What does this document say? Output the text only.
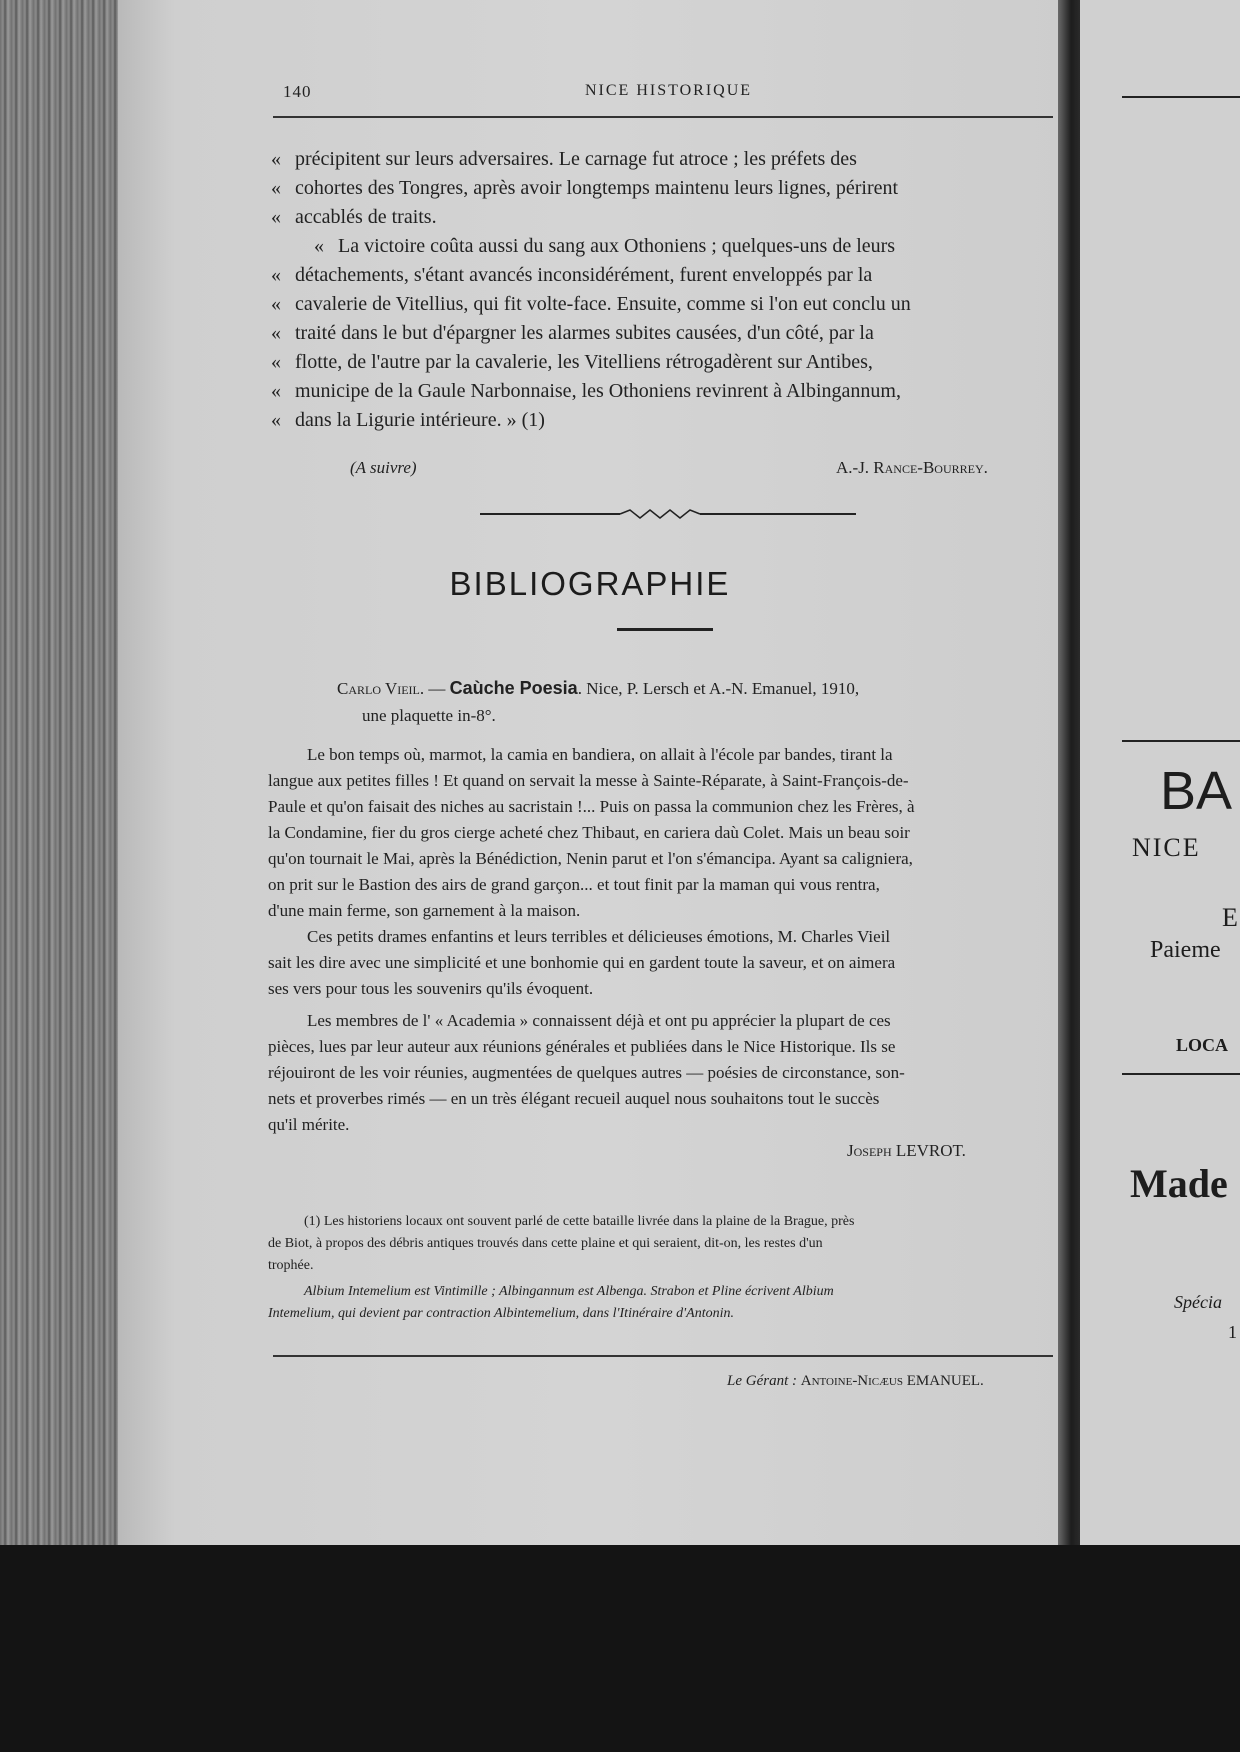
BA
NICE
E
Paieme
LOCA
Made
Spécia
1
140	NICE HISTORIQUE
« précipitent sur leurs adversaires. Le carnage fut atroce ; les préfets des
« cohortes des Tongres, après avoir longtemps maintenu leurs lignes, périrent
« accablés de traits.
« La victoire coûta aussi du sang aux Othoniens ; quelques-uns de leurs
« détachements, s'étant avancés inconsidérément, furent enveloppés par la
« cavalerie de Vitellius, qui fit volte-face. Ensuite, comme si l'on eut conclu un
« traité dans le but d'épargner les alarmes subites causées, d'un côté, par la
« flotte, de l'autre par la cavalerie, les Vitelliens rétrogadèrent sur Antibes,
« municipe de la Gaule Narbonnaise, les Othoniens revinrent à Albingannum,
« dans la Ligurie intérieure. » (1)
(A suivre)	A.-J. Rance-Bourrey.
BIBLIOGRAPHIE
Carlo Vieil. — Caùche Poesia. Nice, P. Lersch et A.-N. Emanuel, 1910,
une plaquette in-8°.
Le bon temps où, marmot, la camia en bandiera, on allait à l'école par bandes, tirant la
langue aux petites filles ! Et quand on servait la messe à Sainte-Réparate, à Saint-François-de-
Paule et qu'on faisait des niches au sacristain !... Puis on passa la communion chez les Frères, à
la Condamine, fier du gros cierge acheté chez Thibaut, en cariera daù Colet. Mais un beau soir
qu'on tournait le Mai, après la Bénédiction, Nenin parut et l'on s'émancipa. Ayant sa caligniera,
on prit sur le Bastion des airs de grand garçon... et tout finit par la maman qui vous rentra,
d'une main ferme, son garnement à la maison.
Ces petits drames enfantins et leurs terribles et délicieuses émotions, M. Charles Vieil
sait les dire avec une simplicité et une bonhomie qui en gardent toute la saveur, et on aimera
ses vers pour tous les souvenirs qu'ils évoquent.
Les membres de l' « Academia » connaissent déjà et ont pu apprécier la plupart de ces
pièces, lues par leur auteur aux réunions générales et publiées dans le Nice Historique. Ils se
réjouiront de les voir réunies, augmentées de quelques autres — poésies de circonstance, son-
nets et proverbes rimés — en un très élégant recueil auquel nous souhaitons tout le succès
qu'il mérite.
Joseph LEVROT.
(1) Les historiens locaux ont souvent parlé de cette bataille livrée dans la plaine de la Brague, près
de Biot, à propos des débris antiques trouvés dans cette plaine et qui seraient, dit-on, les restes d'un
trophée.
Albium Intemelium est Vintimille ; Albingannum est Albenga. Strabon et Pline écrivent Albium
Intemelium, qui devient par contraction Albintemelium, dans l'Itinéraire d'Antonin.
Le Gérant : Antoine-Nicæus EMANUEL.
